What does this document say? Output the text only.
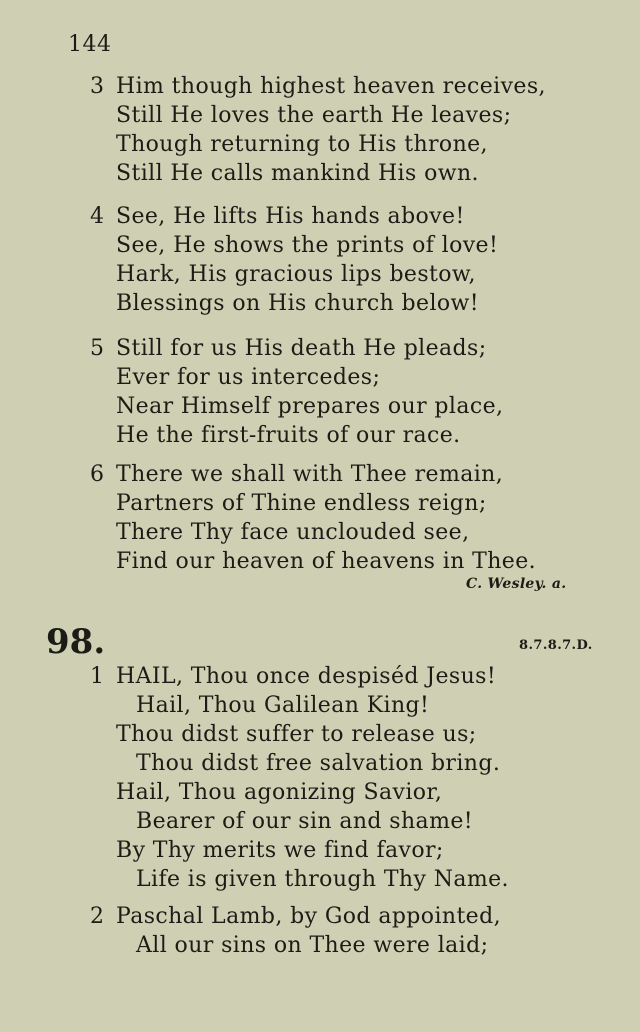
144
3 Him though highest heaven receives,
Still He loves the earth He leaves;
Though returning to His throne,
Still He calls mankind His own.
4 See, He lifts His hands above!
See, He shows the prints of love!
Hark, His gracious lips bestow,
Blessings on His church below!
5 Still for us His death He pleads;
Ever for us intercedes;
Near Himself prepares our place,
He the first-fruits of our race.
6 There we shall with Thee remain,
Partners of Thine endless reign;
There Thy face unclouded see,
Find our heaven of heavens in Thee.
C. Wesley. a.
98.	8.7.8.7.D.
1 HAIL, Thou once despiséd Jesus!
Hail, Thou Galilean King!
Thou didst suffer to release us;
Thou didst free salvation bring.
Hail, Thou agonizing Savior,
Bearer of our sin and shame!
By Thy merits we find favor;
Life is given through Thy Name.
2 Paschal Lamb, by God appointed,
All our sins on Thee were laid;
